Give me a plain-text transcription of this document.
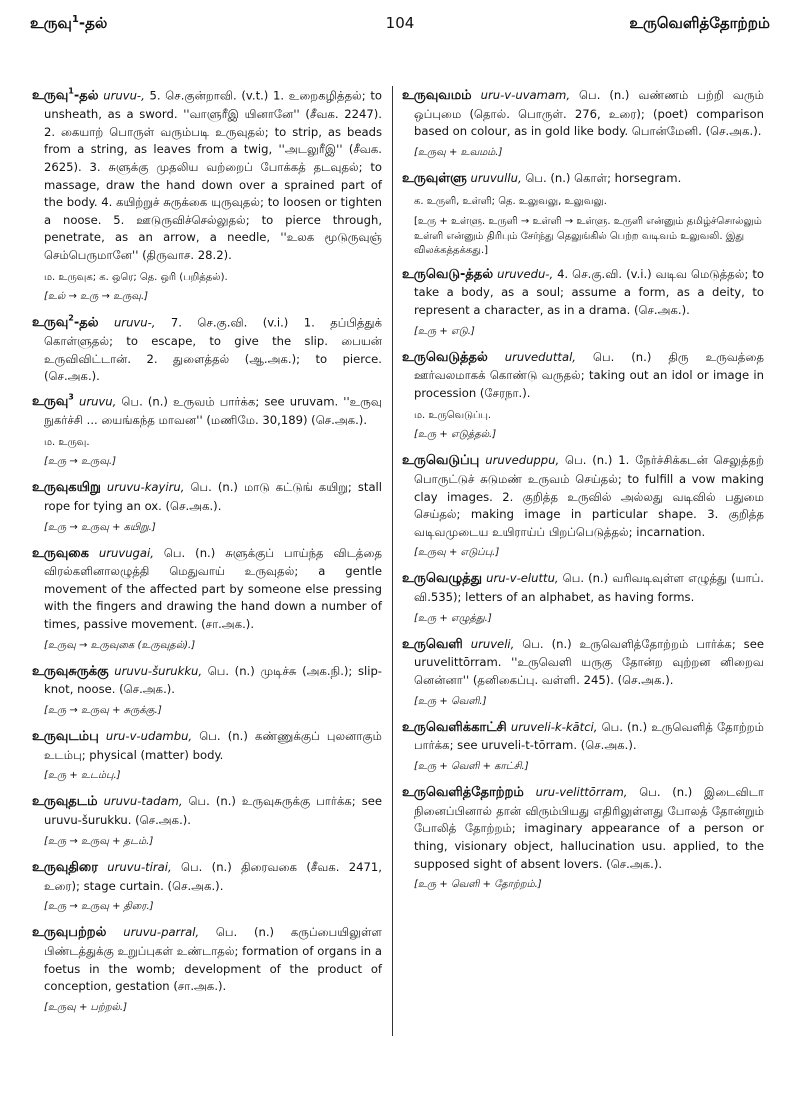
உருவு$^1$-தல்	104	உருவெளித்தோற்றம்
உருவு$^1$-தல் uruvu-, 5. செ.குன்றாவி. (v.t.) 1. உறைகழித்தல்; to unsheath, as a sword. ''வாளுரீஇ யினானே'' (சீவக. 2247). 2. கையாற் பொருள் வரும்படி உருவுதல்; to strip, as beads from a string, as leaves from a twig, ''அடலுரீஇ'' (சீவக. 2625). 3. சுளுக்கு முதலிய வற்றைப் போக்கத் தடவுதல்; to massage, draw the hand down over a sprained part of the body. 4. கயிற்றுச் சுருக்கை யுருவுதல்; to loosen or tighten a noose. 5. ஊடுருவிச்செல்லுதல்; to pierce through, penetrate, as an arrow, a needle, ''உலக மூடுருவுஞ் செம்பெருமானே'' (திருவாச. 28.2).
ம. உருவுக; க. ஒரெ; தெ. ஒரி (பறித்தல்).
[உல் → உரு → உருவு.]
உருவு$^2$-தல் uruvu-, 7. செ.கு.வி. (v.i.) 1. தப்பித்துக் கொள்ளுதல்; to escape, to give the slip. பையன் உருவிவிட்டான். 2. துளைத்தல் (ஆ.அக.); to pierce. (செ.அக.).
உருவு$^3$ uruvu, பெ. (n.) உருவம் பார்க்க; see uruvam. ''உருவு நுகர்ச்சி ... யைங்கந்த மாவன'' (மணிமே. 30,189) (செ.அக.).
ம. உருவு.
[உரு → உருவு.]
உருவுகயிறு uruvu-kayiru, பெ. (n.) மாடு கட்டுங் கயிறு; stall rope for tying an ox. (செ.அக.).
[உரு → உருவு + கயிறு.]
உருவுகை uruvugai, பெ. (n.) சுளுக்குப் பாய்ந்த விடத்தை விரல்களினாலழுத்தி மெதுவாய் உருவுதல்; a gentle movement of the affected part by someone else pressing with the fingers and drawing the hand down a number of times, passive movement. (சா.அக.).
[உருவு → உருவுகை (உருவுதல்).]
உருவுசுருக்கு uruvu-šurukku, பெ. (n.) முடிச்சு (அக.நி.); slip-knot, noose. (செ.அக.).
[உரு → உருவு + சுருக்கு.]
உருவுடம்பு uru-v-udambu, பெ. (n.) கண்ணுக்குப் புலனாகும் உடம்பு; physical (matter) body.
[உரு + உடம்பு.]
உருவுதடம் uruvu-tadam, பெ. (n.) உருவுசுருக்கு பார்க்க; see uruvu-šurukku. (செ.அக.).
[உரு → உருவு + தடம்.]
உருவுதிரை uruvu-tirai, பெ. (n.) திரைவகை (சீவக. 2471, உரை); stage curtain. (செ.அக.).
[உரு → உருவு + திரை.]
உருவுபற்றல் uruvu-parral, பெ. (n.) கருப்பையிலுள்ள பிண்டத்துக்கு உறுப்புகள் உண்டாதல்; formation of organs in a foetus in the womb; development of the product of conception, gestation (சா.அக.).
[உருவு + பற்றல்.]
உருவுவமம் uru-v-uvamam, பெ. (n.) வண்ணம் பற்றி வரும் ஒப்புமை (தொல். பொருள். 276, உரை); (poet) comparison based on colour, as in gold like body. பொன்மேனி. (செ.அக.).
[உருவு + உவமம்.]
உருவுள்ளு uruvullu, பெ. (n.) கொள்; horsegram.
க. உருளி, உள்ளி; தெ. உலுவலு, உலுவலு.
[உரு + உள்ளு. உருளி → உள்ளி → உள்ளு. உருளி என்னும் தமிழ்ச்சொல்லும் உள்ளி என்னும் திரிபும் சேர்ந்து தெலுங்கில் பெற்ற வடிவம் உலுவலி. இது விலக்கத்தக்கது.]
உருவெடு-த்தல் uruvedu-, 4. செ.கு.வி. (v.i.) வடிவ மெடுத்தல்; to take a body, as a soul; assume a form, as a deity, to represent a character, as in a drama. (செ.அக.).
[உரு + எடு.]
உருவெடுத்தல் uruveduttal, பெ. (n.) திரு உருவத்தை ஊர்வலமாகக் கொண்டு வருதல்; taking out an idol or image in procession (சேரநா.).
ம. உருவெடுப்பு.
[உரு + எடுத்தல்.]
உருவெடுப்பு uruveduppu, பெ. (n.) 1. நேர்ச்சிக்கடன் செலுத்தற் பொருட்டுச் சுடுமண் உருவம் செய்தல்; to fulfill a vow making clay images. 2. குறித்த உருவில் அல்லது வடிவில் பதுமை செய்தல்; making image in particular shape. 3. குறித்த வடிவமுடைய உயிராய்ப் பிறப்பெடுத்தல்; incarnation.
[உருவு + எடுப்பு.]
உருவெழுத்து uru-v-eluttu, பெ. (n.) வரிவடிவுள்ள எழுத்து (யாப். வி.535); letters of an alphabet, as having forms.
[உரு + எழுத்து.]
உருவெளி uruveli, பெ. (n.) உருவெளித்தோற்றம் பார்க்க; see uruvelittōrram. ''உருவெளி யருகு தோன்ற வுற்றன னிறைவ னென்னா'' (தனிகைப்பு. வள்ளி. 245). (செ.அக.).
[உரு + வெளி.]
உருவெளிக்காட்சி uruveli-k-kātci, பெ. (n.) உருவெளித் தோற்றம் பார்க்க; see uruveli-t-tōrram. (செ.அக.).
[உரு + வெளி + காட்சி.]
உருவெளித்தோற்றம் uru-velittōrram, பெ. (n.) இடைவிடா நினைப்பினால் தான் விரும்பியது எதிரிலுள்ளது போலத் தோன்றும் போலித் தோற்றம்; imaginary appearance of a person or thing, visionary object, hallucination usu. applied, to the supposed sight of absent lovers. (செ.அக.).
[உரு + வெளி + தோற்றம்.]
